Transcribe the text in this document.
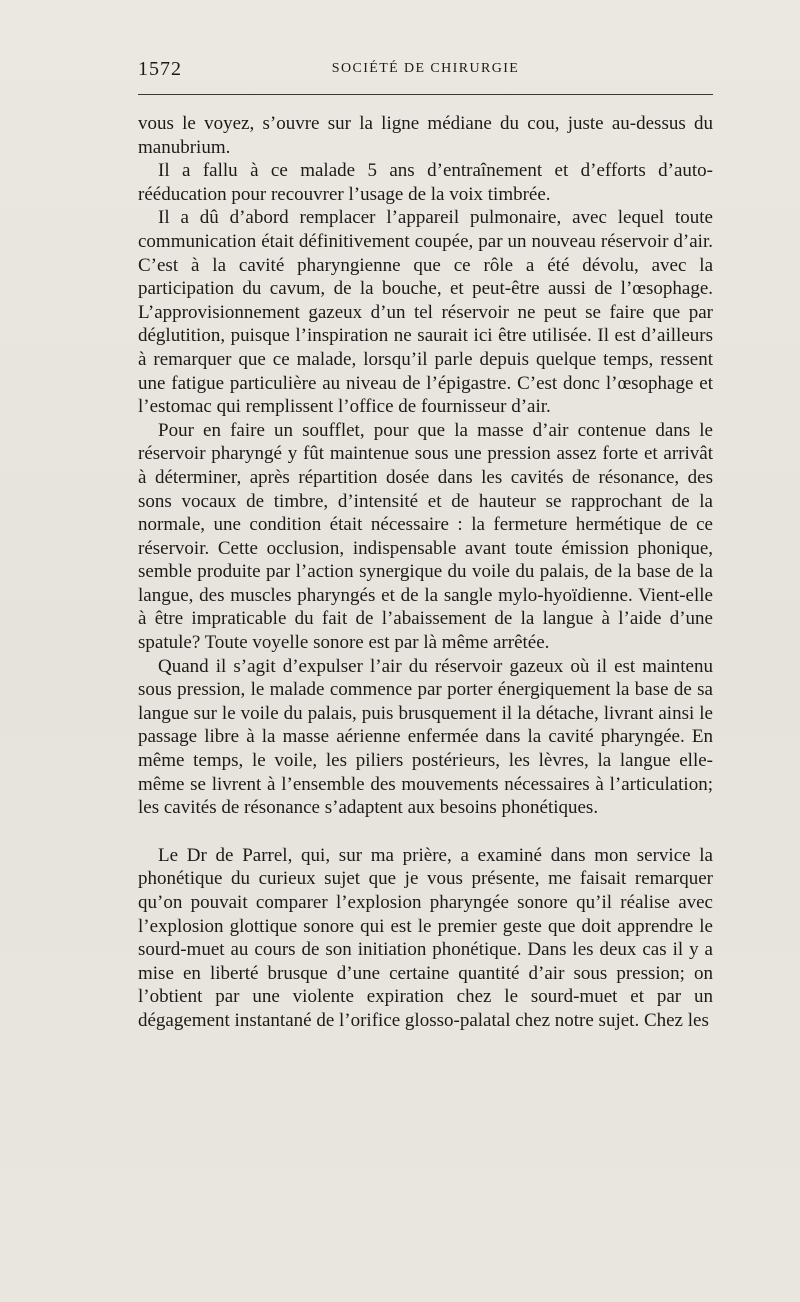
1572	SOCIÉTÉ DE CHIRURGIE

vous le voyez, s’ouvre sur la ligne médiane du cou, juste au-dessus du manubrium.

Il a fallu à ce malade 5 ans d’entraînement et d’efforts d’auto-rééducation pour recouvrer l’usage de la voix timbrée.

Il a dû d’abord remplacer l’appareil pulmonaire, avec lequel toute communication était définitivement coupée, par un nouveau réservoir d’air. C’est à la cavité pharyngienne que ce rôle a été dévolu, avec la participation du cavum, de la bouche, et peut-être aussi de l’œsophage. L’approvisionnement gazeux d’un tel réservoir ne peut se faire que par déglutition, puisque l’inspiration ne saurait ici être utilisée. Il est d’ailleurs à remarquer que ce malade, lorsqu’il parle depuis quelque temps, ressent une fatigue particulière au niveau de l’épigastre. C’est donc l’œsophage et l’estomac qui remplissent l’office de fournisseur d’air.

Pour en faire un soufflet, pour que la masse d’air contenue dans le réservoir pharyngé y fût maintenue sous une pression assez forte et arrivât à déterminer, après répartition dosée dans les cavités de résonance, des sons vocaux de timbre, d’intensité et de hauteur se rapprochant de la normale, une condition était nécessaire : la fermeture hermétique de ce réservoir. Cette occlusion, indispensable avant toute émission phonique, semble produite par l’action synergique du voile du palais, de la base de la langue, des muscles pharyngés et de la sangle mylo-hyoïdienne. Vient-elle à être impraticable du fait de l’abaissement de la langue à l’aide d’une spatule? Toute voyelle sonore est par là même arrêtée.

Quand il s’agit d’expulser l’air du réservoir gazeux où il est maintenu sous pression, le malade commence par porter énergiquement la base de sa langue sur le voile du palais, puis brusquement il la détache, livrant ainsi le passage libre à la masse aérienne enfermée dans la cavité pharyngée. En même temps, le voile, les piliers postérieurs, les lèvres, la langue elle-même se livrent à l’ensemble des mouvements nécessaires à l’articulation; les cavités de résonance s’adaptent aux besoins phonétiques.

Le Dr de Parrel, qui, sur ma prière, a examiné dans mon service la phonétique du curieux sujet que je vous présente, me faisait remarquer qu’on pouvait comparer l’explosion pharyngée sonore qu’il réalise avec l’explosion glottique sonore qui est le premier geste que doit apprendre le sourd-muet au cours de son initiation phonétique. Dans les deux cas il y a mise en liberté brusque d’une certaine quantité d’air sous pression; on l’obtient par une violente expiration chez le sourd-muet et par un dégagement instantané de l’orifice glosso-palatal chez notre sujet. Chez les
